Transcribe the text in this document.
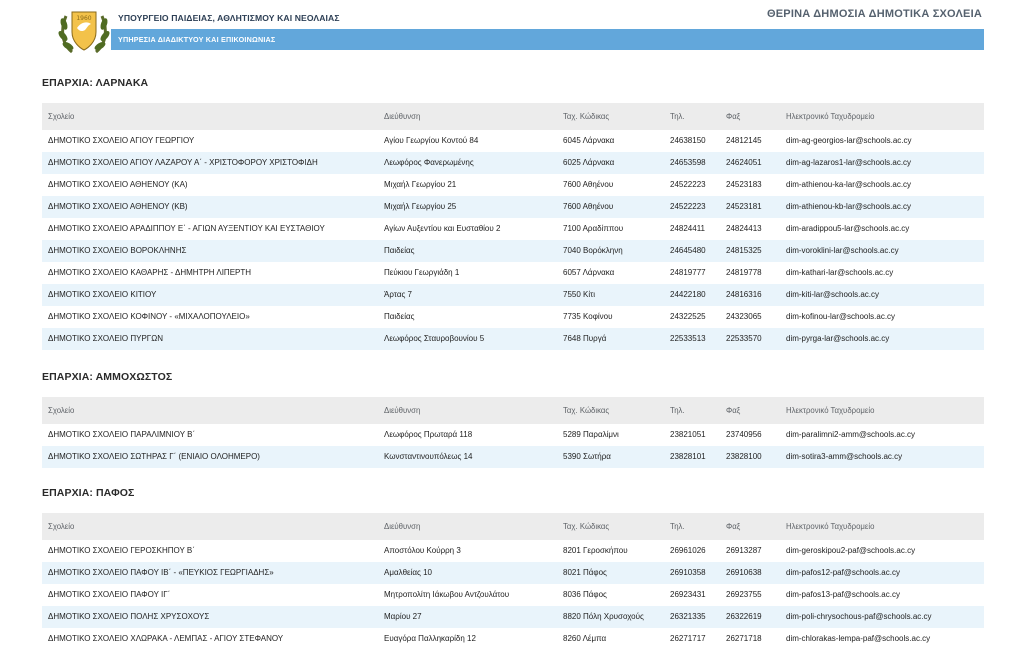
1960	ΥΠΟΥΡΓΕΙΟ ΠΑΙΔΕΙΑΣ, ΑΘΛΗΤΙΣΜΟΥ ΚΑΙ ΝΕΟΛΑΙΑΣ
ΥΠΗΡΕΣΙΑ ΔΙΑΔΙΚΤΥΟΥ ΚΑΙ ΕΠΙΚΟΙΝΩΝΙΑΣ
ΘΕΡΙΝΑ ΔΗΜΟΣΙΑ ΔΗΜΟΤΙΚΑ ΣΧΟΛΕΙΑ
ΕΠΑΡΧΙΑ: ΛΑΡΝΑΚΑ
Σχολείο	Διεύθυνση	Ταχ. Κώδικας	Τηλ.	Φαξ	Ηλεκτρονικό Ταχυδρομείο
ΔΗΜΟΤΙΚΟ ΣΧΟΛΕΙΟ ΑΓΙΟΥ ΓΕΩΡΓΙΟΥ	Αγίου Γεωργίου Κοντού 84	6045 Λάρνακα	24638150	24812145	dim-ag-georgios-lar@schools.ac.cy
ΔΗΜΟΤΙΚΟ ΣΧΟΛΕΙΟ ΑΓΙΟΥ ΛΑΖΑΡΟΥ Α΄ - ΧΡΙΣΤΟΦΟΡΟΥ ΧΡΙΣΤΟΦΙΔΗ	Λεωφόρος Φανερωμένης	6025 Λάρνακα	24653598	24624051	dim-ag-lazaros1-lar@schools.ac.cy
ΔΗΜΟΤΙΚΟ ΣΧΟΛΕΙΟ ΑΘΗΕΝΟΥ (ΚΑ)	Μιχαήλ Γεωργίου 21	7600 Αθηένου	24522223	24523183	dim-athienou-ka-lar@schools.ac.cy
ΔΗΜΟΤΙΚΟ ΣΧΟΛΕΙΟ ΑΘΗΕΝΟΥ (ΚΒ)	Μιχαήλ Γεωργίου 25	7600 Αθηένου	24522223	24523181	dim-athienou-kb-lar@schools.ac.cy
ΔΗΜΟΤΙΚΟ ΣΧΟΛΕΙΟ ΑΡΑΔΙΠΠΟΥ Ε΄ - ΑΓΙΩΝ ΑΥΞΕΝΤΙΟΥ ΚΑΙ ΕΥΣΤΑΘΙΟΥ	Αγίων Αυξεντίου και Ευσταθίου 2	7100 Αραδίππου	24824411	24824413	dim-aradippou5-lar@schools.ac.cy
ΔΗΜΟΤΙΚΟ ΣΧΟΛΕΙΟ ΒΟΡΟΚΛΗΝΗΣ	Παιδείας	7040 Βορόκληνη	24645480	24815325	dim-voroklini-lar@schools.ac.cy
ΔΗΜΟΤΙΚΟ ΣΧΟΛΕΙΟ ΚΑΘΑΡΗΣ - ΔΗΜΗΤΡΗ ΛΙΠΕΡΤΗ	Πεύκιου Γεωργιάδη 1	6057 Λάρνακα	24819777	24819778	dim-kathari-lar@schools.ac.cy
ΔΗΜΟΤΙΚΟ ΣΧΟΛΕΙΟ ΚΙΤΙΟΥ	Άρτας 7	7550 Κίτι	24422180	24816316	dim-kiti-lar@schools.ac.cy
ΔΗΜΟΤΙΚΟ ΣΧΟΛΕΙΟ ΚΟΦΙΝΟΥ - «ΜΙΧΑΛΟΠΟΥΛΕΙΟ»	Παιδείας	7735 Κοφίνου	24322525	24323065	dim-kofinou-lar@schools.ac.cy
ΔΗΜΟΤΙΚΟ ΣΧΟΛΕΙΟ ΠΥΡΓΩΝ	Λεωφόρος Σταυροβουνίου 5	7648 Πυργά	22533513	22533570	dim-pyrga-lar@schools.ac.cy
ΕΠΑΡΧΙΑ: ΑΜΜΟΧΩΣΤΟΣ
Σχολείο	Διεύθυνση	Ταχ. Κώδικας	Τηλ.	Φαξ	Ηλεκτρονικό Ταχυδρομείο
ΔΗΜΟΤΙΚΟ ΣΧΟΛΕΙΟ ΠΑΡΑΛΙΜΝΙΟΥ Β΄	Λεωφόρος Πρωταρά 118	5289 Παραλίμνι	23821051	23740956	dim-paralimni2-amm@schools.ac.cy
ΔΗΜΟΤΙΚΟ ΣΧΟΛΕΙΟ ΣΩΤΗΡΑΣ Γ΄ (ΕΝΙΑΙΟ ΟΛΟΗΜΕΡΟ)	Κωνσταντινουπόλεως 14	5390 Σωτήρα	23828101	23828100	dim-sotira3-amm@schools.ac.cy
ΕΠΑΡΧΙΑ: ΠΑΦΟΣ
Σχολείο	Διεύθυνση	Ταχ. Κώδικας	Τηλ.	Φαξ	Ηλεκτρονικό Ταχυδρομείο
ΔΗΜΟΤΙΚΟ ΣΧΟΛΕΙΟ ΓΕΡΟΣΚΗΠΟΥ Β΄	Αποστόλου Κούρρη 3	8201 Γεροσκήπου	26961026	26913287	dim-geroskipou2-paf@schools.ac.cy
ΔΗΜΟΤΙΚΟ ΣΧΟΛΕΙΟ ΠΑΦΟΥ ΙΒ΄ - «ΠΕΥΚΙΟΣ ΓΕΩΡΓΙΑΔΗΣ»	Αμαλθείας 10	8021 Πάφος	26910358	26910638	dim-pafos12-paf@schools.ac.cy
ΔΗΜΟΤΙΚΟ ΣΧΟΛΕΙΟ ΠΑΦΟΥ ΙΓ΄	Μητροπολίτη Ιάκωβου Αντζουλάτου	8036 Πάφος	26923431	26923755	dim-pafos13-paf@schools.ac.cy
ΔΗΜΟΤΙΚΟ ΣΧΟΛΕΙΟ ΠΟΛΗΣ ΧΡΥΣΟΧΟΥΣ	Μαρίου 27	8820 Πόλη Χρυσοχούς	26321335	26322619	dim-poli-chrysochous-paf@schools.ac.cy
ΔΗΜΟΤΙΚΟ ΣΧΟΛΕΙΟ ΧΛΩΡΑΚΑ - ΛΕΜΠΑΣ - ΑΓΙΟΥ ΣΤΕΦΑΝΟΥ	Ευαγόρα Παλληκαρίδη 12	8260 Λέμπα	26271717	26271718	dim-chlorakas-lempa-paf@schools.ac.cy
